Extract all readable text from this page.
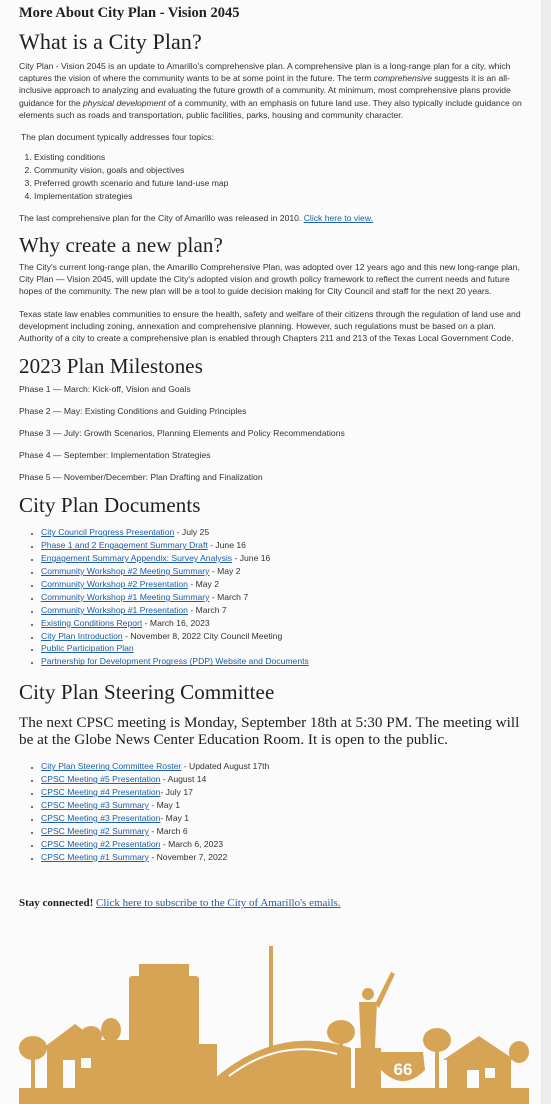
More About City Plan - Vision 2045
What is a City Plan?

City Plan - Vision 2045 is an update to Amarillo's comprehensive plan. A comprehensive plan is a long-range plan for a city, which captures the vision of where the community wants to be at some point in the future. The term comprehensive suggests it is an all-inclusive approach to analyzing and evaluating the future growth of a community. At minimum, most comprehensive plans provide guidance for the physical development of a community, with an emphasis on future land use. They also typically include guidance on elements such as roads and transportation, public facilities, parks, housing and community character.

The plan document typically addresses four topics:

1. Existing conditions
2. Community vision, goals and objectives
3. Preferred growth scenario and future land-use map
4. Implementation strategies

The last comprehensive plan for the City of Amarillo was released in 2010. Click here to view.

Why create a new plan?

The City's current long-range plan, the Amarillo Comprehensive Plan, was adopted over 12 years ago and this new long-range plan, City Plan — Vision 2045, will update the City's adopted vision and growth policy framework to reflect the current needs and future hopes of the community. The new plan will be a tool to guide decision making for City Council and staff for the next 20 years.

Texas state law enables communities to ensure the health, safety and welfare of their citizens through the regulation of land use and development including zoning, annexation and comprehensive planning. However, such regulations must be based on a plan. Authority of a city to create a comprehensive plan is enabled through Chapters 211 and 213 of the Texas Local Government Code.

2023 Plan Milestones
Phase 1 — March: Kick-off, Vision and Goals
Phase 2 — May: Existing Conditions and Guiding Principles
Phase 3 — July: Growth Scenarios, Planning Elements and Policy Recommendations
Phase 4 — September: Implementation Strategies
Phase 5 — November/December: Plan Drafting and Finalization
City Plan Documents
• City Council Progress Presentation - July 25
• Phase 1 and 2 Engagement Summary Draft - June 16
• Engagement Summary Appendix: Survey Analysis - June 16
• Community Workshop #2 Meeting Summary - May 2
• Community Workshop #2 Presentation - May 2
• Community Workshop #1 Meeting Summary - March 7
• Community Workshop #1 Presentation - March 7
• Existing Conditions Report - March 16, 2023
• City Plan Introduction - November 8, 2022 City Council Meeting
• Public Participation Plan
• Partnership for Development Progress (PDP) Website and Documents
City Plan Steering Committee

The next CPSC meeting is Monday, September 18th at 5:30 PM. The meeting will be at the Globe News Center Education Room. It is open to the public.

• City Plan Steering Committee Roster - Updated August 17th
• CPSC Meeting #5 Presentation - August 14
• CPSC Meeting #4 Presentation- July 17
• CPSC Meeting #3 Summary - May 1
• CPSC Meeting #3 Presentation- May 1
• CPSC Meeting #2 Summary - March 6
• CPSC Meeting #2 Presentation - March 6, 2023
• CPSC Meeting #1 Summary - November 7, 2022
Stay connected! Click here to subscribe to the City of Amarillo's emails.
66
